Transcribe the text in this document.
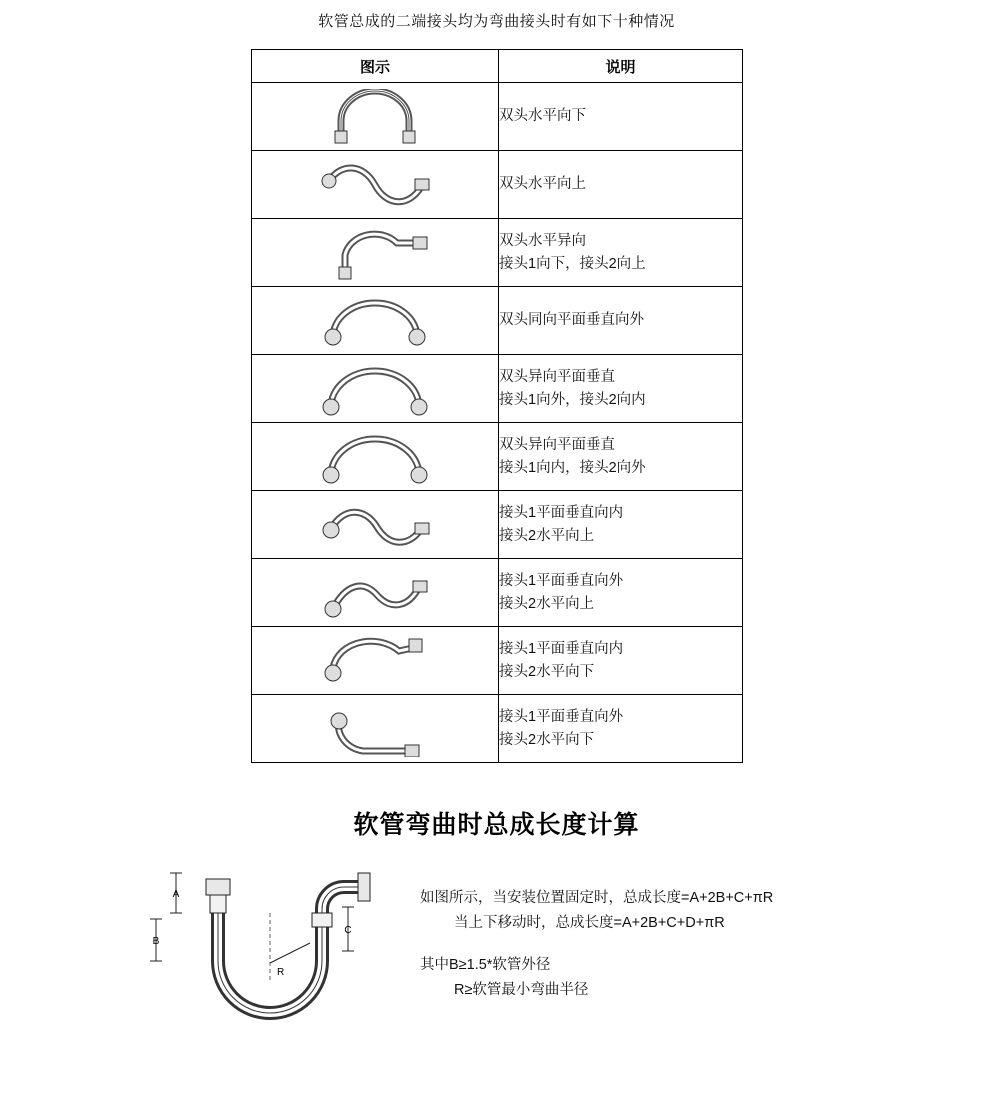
软管总成的二端接头均为弯曲接头时有如下十种情况
图示	说明

双头水平向下

双头水平向上

双头水平异向
接头1向下，接头2向上

双头同向平面垂直向外

双头异向平面垂直
接头1向外，接头2向内

双头异向平面垂直
接头1向内，接头2向外

接头1平面垂直向内
接头2水平向上

接头1平面垂直向外
接头2水平向上

接头1平面垂直向内
接头2水平向下

接头1平面垂直向外
接头2水平向下
软管弯曲时总成长度计算
A
B
C
R
如图所示，当安装位置固定时，总成长度=A+2B+C+πR
当上下移动时，总成长度=A+2B+C+D+πR
其中B≥1.5*软管外径
R≥软管最小弯曲半径
